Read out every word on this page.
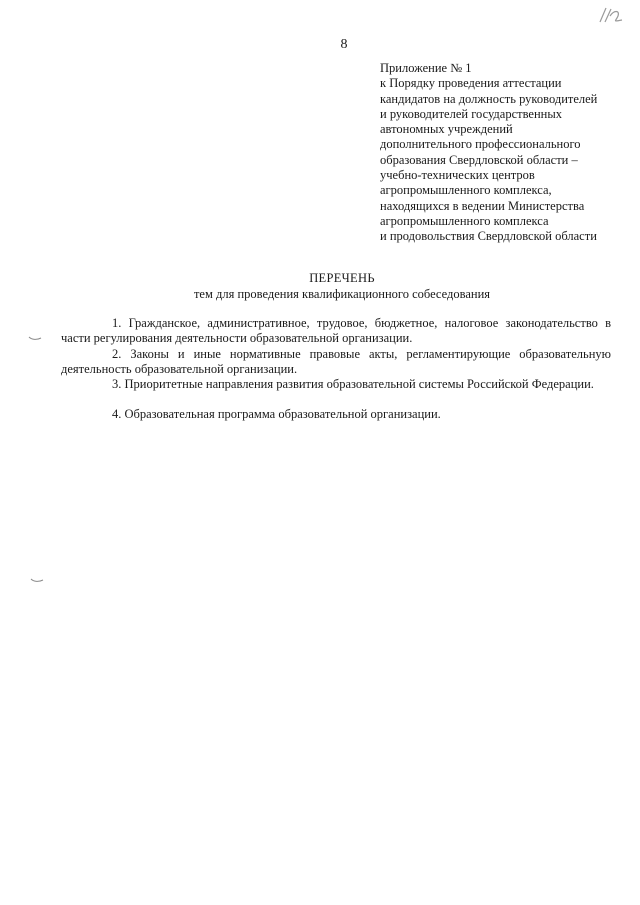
8
Приложение № 1
к Порядку проведения аттестации
кандидатов на должность руководителей
и руководителей государственных
автономных учреждений
дополнительного профессионального
образования Свердловской области –
учебно-технических центров
агропромышленного комплекса,
находящихся в ведении Министерства
агропромышленного комплекса
и продовольствия Свердловской области
ПЕРЕЧЕНЬ
тем для проведения квалификационного собеседования

1. Гражданское, административное, трудовое, бюджетное, налоговое законодательство в части регулирования деятельности образовательной организации.

2. Законы и иные нормативные правовые акты, регламентирующие образовательную деятельность образовательной организации.

3. Приоритетные направления развития образовательной системы Российской Федерации.

4. Образовательная программа образовательной организации.
